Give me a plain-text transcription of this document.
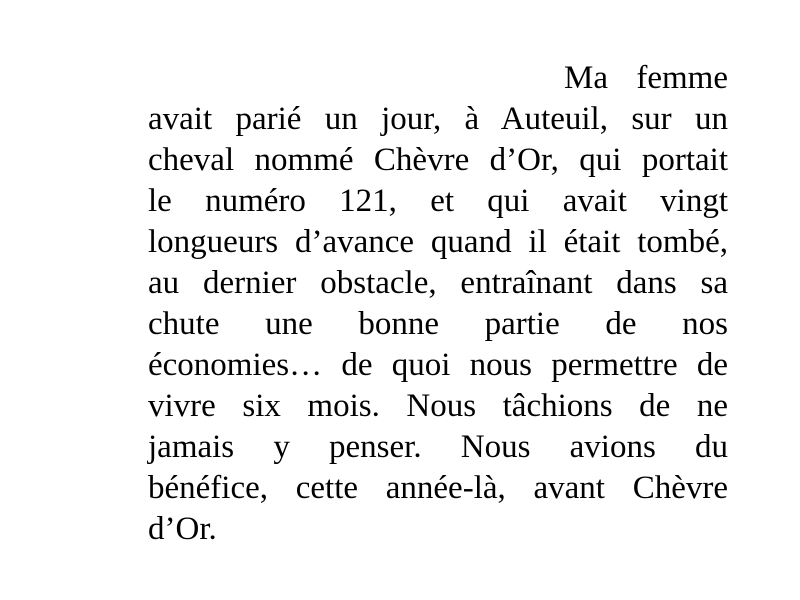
Ma femme
avait parié un jour, à Auteuil, sur un
cheval nommé Chèvre d’Or, qui portait
le numéro 121, et qui avait vingt
longueurs d’avance quand il était tombé,
au dernier obstacle, entraînant dans sa
chute une bonne partie de nos
économies… de quoi nous permettre de
vivre six mois. Nous tâchions de ne
jamais y penser. Nous avions du
bénéfice, cette année-là, avant Chèvre
d’Or.
